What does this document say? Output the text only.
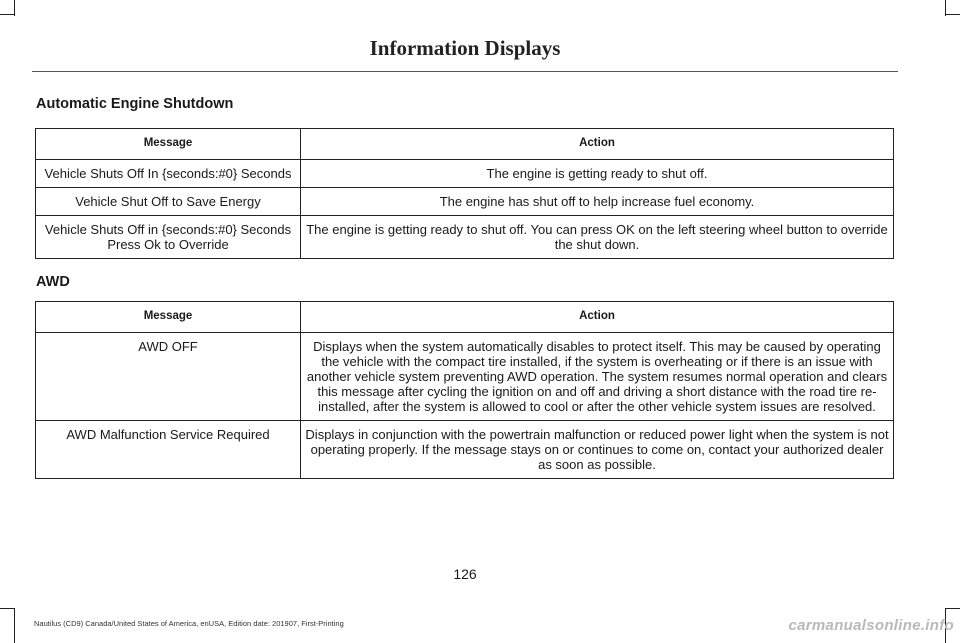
Information Displays
Automatic Engine Shutdown
Message	Action
Vehicle Shuts Off In {seconds:#0} Seconds	The engine is getting ready to shut off.
Vehicle Shut Off to Save Energy	The engine has shut off to help increase fuel economy.
Vehicle Shuts Off in {seconds:#0} Seconds Press Ok to Override	The engine is getting ready to shut off. You can press OK on the left steering wheel button to override the shut down.
AWD
Message	Action
AWD OFF	Displays when the system automatically disables to protect itself. This may be caused by operating the vehicle with the compact tire installed, if the system is overheating or if there is an issue with another vehicle system preventing AWD operation. The system resumes normal operation and clears this message after cycling the ignition on and off and driving a short distance with the road tire re-installed, after the system is allowed to cool or after the other vehicle system issues are resolved.
AWD Malfunction Service Required	Displays in conjunction with the powertrain malfunction or reduced power light when the system is not operating properly. If the message stays on or continues to come on, contact your authorized dealer as soon as possible.
126
Nautilus (CD9) Canada/United States of America, enUSA, Edition date: 201907, First-Printing	carmanualsonline.info
